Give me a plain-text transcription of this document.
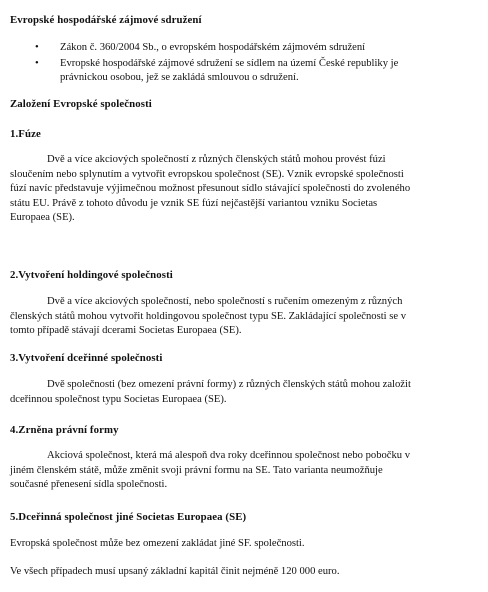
Evropské hospodářské zájmové sdružení
• Zákon č. 360/2004 Sb., o evropském hospodářském zájmovém sdružení
• Evropské hospodářské zájmové sdružení se sídlem na území České republiky je
právnickou osobou, jež se zakládá smlouvou o sdružení.
Založení Evropské společnosti
1.Fúze
Dvě a více akciových společností z různých členských států mohou provést fúzi
sloučením nebo splynutím a vytvořit evropskou společnost (SE). Vznik evropské společnosti
fúzí navíc představuje výjimečnou možnost přesunout sídlo stávající společnosti do zvoleného
státu EU. Právě z tohoto důvodu je vznik SE fúzí nejčastější variantou vzniku Societas
Europaea (SE).
2.Vytvoření holdingové společnosti
Dvě a více akciových společností, nebo společností s ručením omezeným z různých
členských států mohou vytvořit holdingovou společnost typu SE. Zakládající společnosti se v
tomto případě stávají dcerami Societas Europaea (SE).
3.Vytvoření dceřinné společnosti
Dvě společnosti (bez omezení právní formy) z různých členských států mohou založit
dceřinnou společnost typu Societas Europaea (SE).
4.Zrněna právní formy
Akciová společnost, která má alespoň dva roky dceřinnou společnost nebo pobočku v
jiném členském státě, může změnit svoji právní formu na SE. Tato varianta neumožňuje
současné přenesení sídla společnosti.
5.Dceřinná společnost jiné Societas Europaea (SE)
Evropská společnost může bez omezení zakládat jiné SF. společnosti.
Ve všech případech musí upsaný základní kapitál činit nejméně 120 000 euro.
